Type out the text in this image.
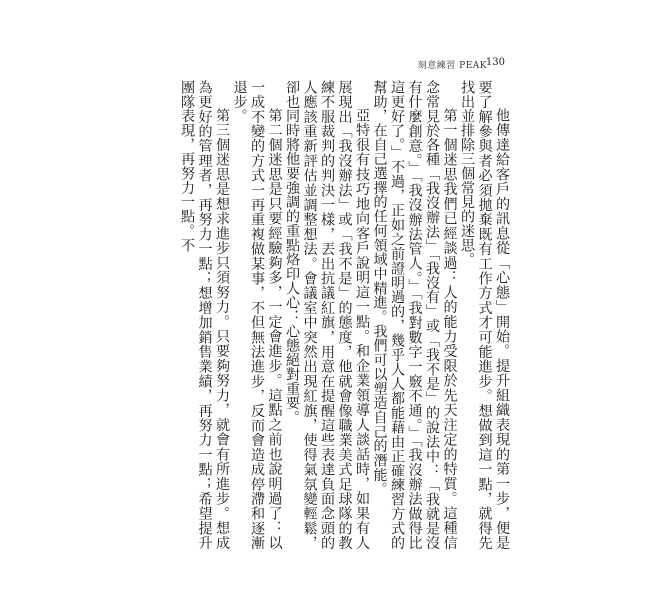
刻意練習 PEAK
130

他傳達給客戶的訊息從「心態」開始。提升組織表現的第一步，便是要了解參與者必須拋棄既有工作方式才可能進步。想做到這一點，就得先找出並排除三個常見的迷思。

第一個迷思我們已經談過：人的能力受限於先天注定的特質。這種信念常見於各種「我沒辦法」「我沒有」或「我不是」的說法中：「我就是沒有什麼創意。」「我沒辦法管人。」「我對數字一竅不通。」「我沒辦法做得比這更好了。」不過，正如之前證明過的，幾乎人人都能藉由正確練習方式的幫助，在自己選擇的任何領域中精進。我們可以塑造自己的潛能。

亞特很有技巧地向客戶說明這一點。和企業領導人談話時，如果有人展現出「我沒辦法」或「我不是」的態度，他就會像職業美式足球隊的教練不服裁判的判決一樣，丟出抗議紅旗，用意在提醒這些表達負面念頭的人應該重新評估並調整想法。會議室中突然出現紅旗，使得氣氛變輕鬆，卻也同時將他要強調的重點烙印人心：心態絕對重要。

第二個迷思是只要經驗夠多，一定會進步。這點之前也說明過了：以一成不變的方式一再重複做某事，不但無法進步，反而會造成停滯和逐漸退步。

第三個迷思是想求進步只須努力。只要夠努力，就會有所進步。想成為更好的管理者，再努力一點；想增加銷售業績，再努力一點；希望提升團隊表現，再努力一點。不
